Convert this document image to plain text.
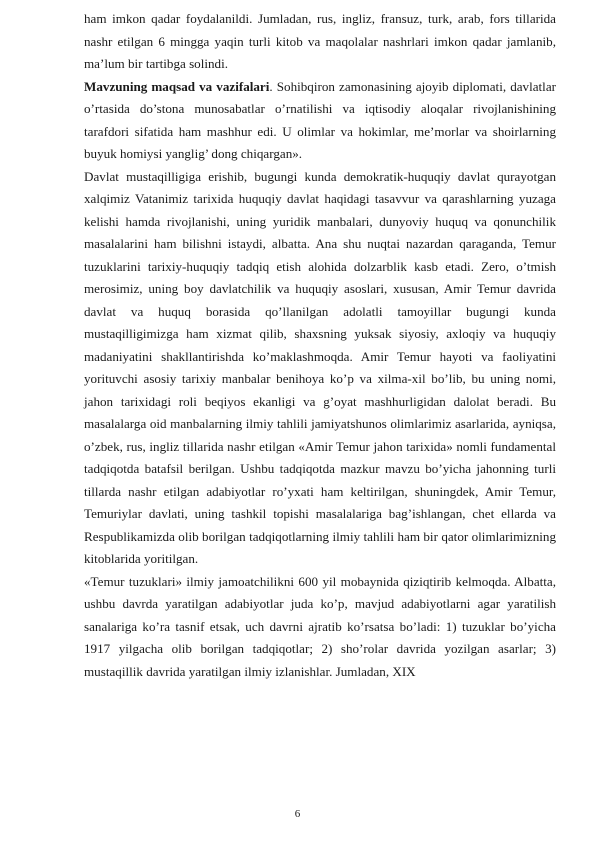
ham imkon qadar foydalanildi. Jumladan, rus, ingliz, fransuz, turk, arab, fors tillarida nashr etilgan 6 mingga yaqin turli kitob va maqolalar nashrlari imkon qadar jamlanib, ma’lum bir tartibga solindi.

Mavzuning maqsad va vazifalari. Sohibqiron zamonasining ajoyib diplomati, davlatlar o’rtasida do’stona munosabatlar o’rnatilishi va iqtisodiy aloqalar rivojlanishining tarafdori sifatida ham mashhur edi. U olimlar va hokimlar, me’morlar va shoirlarning buyuk homiysi yanglig’ dong chiqargan».

Davlat mustaqilligiga erishib, bugungi kunda demokratik-huquqiy davlat qurayotgan xalqimiz Vatanimiz tarixida huquqiy davlat haqidagi tasavvur va qarashlarning yuzaga kelishi hamda rivojlanishi, uning yuridik manbalari, dunyoviy huquq va qonunchilik masalalarini ham bilishni istaydi, albatta. Ana shu nuqtai nazardan qaraganda, Temur tuzuklarini tarixiy-huquqiy tadqiq etish alohida dolzarblik kasb etadi. Zero, o’tmish merosimiz, uning boy davlatchilik va huquqiy asoslari, xususan, Amir Temur davrida davlat va huquq borasida qo’llanilgan adolatli tamoyillar bugungi kunda mustaqilligimizga ham xizmat qilib, shaxsning yuksak siyosiy, axloqiy va huquqiy madaniyatini shakllantirishda ko’maklashmoqda. Amir Temur hayoti va faoliyatini yorituvchi asosiy tarixiy manbalar benihoya ko’p va xilma-xil bo’lib, bu uning nomi, jahon tarixidagi roli beqiyos ekanligi va g’oyat mashhurligidan dalolat beradi. Bu masalalarga oid manbalarning ilmiy tahlili jamiyatshunos olimlarimiz asarlarida, ayniqsa, o’zbek, rus, ingliz tillarida nashr etilgan «Amir Temur jahon tarixida» nomli fundamental tadqiqotda batafsil berilgan. Ushbu tadqiqotda mazkur mavzu bo’yicha jahonning turli tillarda nashr etilgan adabiyotlar ro’yxati ham keltirilgan, shuningdek, Amir Temur, Temuriylar davlati, uning tashkil topishi masalalariga bag’ishlangan, chet ellarda va Respublikamizda olib borilgan tadqiqotlarning ilmiy tahlili ham bir qator olimlarimizning kitoblarida yoritilgan.

«Temur tuzuklari» ilmiy jamoatchilikni 600 yil mobaynida qiziqtirib kelmoqda. Albatta, ushbu davrda yaratilgan adabiyotlar juda ko’p, mavjud adabiyotlarni agar yaratilish sanalariga ko’ra tasnif etsak, uch davrni ajratib ko’rsatsa bo’ladi: 1) tuzuklar bo’yicha 1917 yilgacha olib borilgan tadqiqotlar; 2) sho’rolar davrida yozilgan asarlar; 3) mustaqillik davrida yaratilgan ilmiy izlanishlar. Jumladan, XIX

6
